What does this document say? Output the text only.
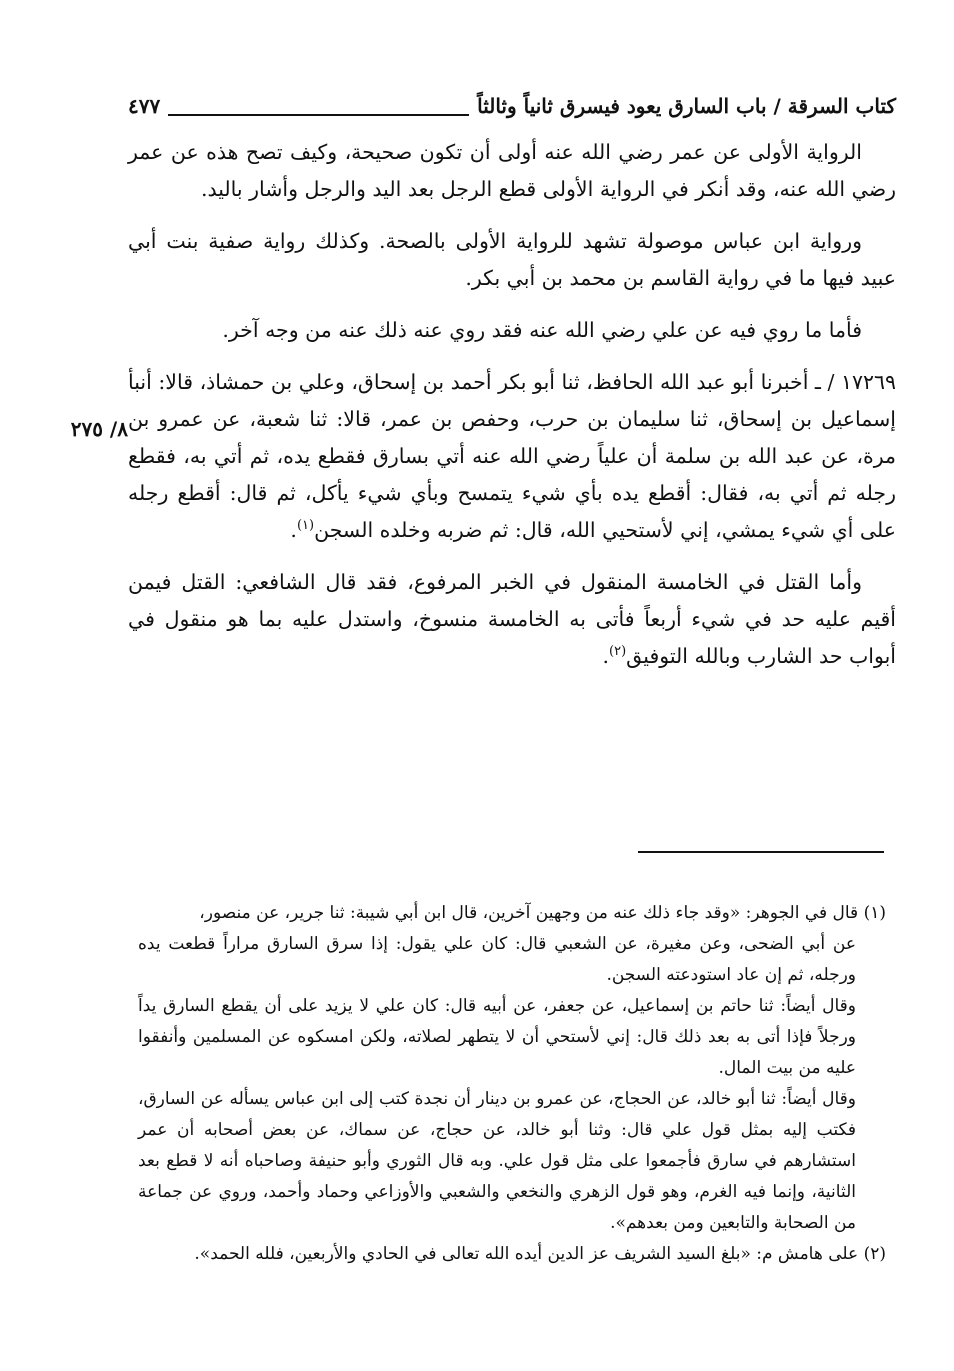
كتاب السرقة / باب السارق يعود فيسرق ثانياً وثالثاً
٤٧٧
٨/ ٢٧٥

الرواية الأولى عن عمر رضي الله عنه أولى أن تكون صحيحة، وكيف تصح هذه عن عمر رضي الله عنه، وقد أنكر في الرواية الأولى قطع الرجل بعد اليد والرجل وأشار باليد.

ورواية ابن عباس موصولة تشهد للرواية الأولى بالصحة. وكذلك رواية صفية بنت أبي عبيد فيها ما في رواية القاسم بن محمد بن أبي بكر.

فأما ما روي فيه عن علي رضي الله عنه فقد روي عنه ذلك عنه من وجه آخر.

١٧٢٦٩ / ـ أخبرنا أبو عبد الله الحافظ، ثنا أبو بكر أحمد بن إسحاق، وعلي بن حمشاذ، قالا: أنبأ إسماعيل بن إسحاق، ثنا سليمان بن حرب، وحفص بن عمر، قالا: ثنا شعبة، عن عمرو بن مرة، عن عبد الله بن سلمة أن علياً رضي الله عنه أتي بسارق فقطع يده، ثم أتي به، فقطع رجله ثم أتي به، فقال: أقطع يده بأي شيء يتمسح وبأي شيء يأكل، ثم قال: أقطع رجله على أي شيء يمشي، إني لأستحيي الله، قال: ثم ضربه وخلده السجن$^{(١)}$.

وأما القتل في الخامسة المنقول في الخبر المرفوع، فقد قال الشافعي: القتل فيمن أقيم عليه حد في شيء أربعاً فأتى به الخامسة منسوخ، واستدل عليه بما هو منقول في أبواب حد الشارب وبالله التوفيق$^{(٢)}$.

(١) قال في الجوهر: «وقد جاء ذلك عنه من وجهين آخرين، قال ابن أبي شيبة: ثنا جرير، عن منصور،

عن أبي الضحى، وعن مغيرة، عن الشعبي قال: كان علي يقول: إذا سرق السارق مراراً قطعت يده ورجله، ثم إن عاد استودعته السجن.

وقال أيضاً: ثنا حاتم بن إسماعيل، عن جعفر، عن أبيه قال: كان علي لا يزيد على أن يقطع السارق يداً ورجلاً فإذا أتى به بعد ذلك قال: إني لأستحي أن لا يتطهر لصلاته، ولكن امسكوه عن المسلمين وأنفقوا عليه من بيت المال.

وقال أيضاً: ثنا أبو خالد، عن الحجاج، عن عمرو بن دينار أن نجدة كتب إلى ابن عباس يسأله عن السارق، فكتب إليه بمثل قول علي قال: وثنا أبو خالد، عن حجاج، عن سماك، عن بعض أصحابه أن عمر استشارهم في سارق فأجمعوا على مثل قول علي. وبه قال الثوري وأبو حنيفة وصاحباه أنه لا قطع بعد الثانية، وإنما فيه الغرم، وهو قول الزهري والنخعي والشعبي والأوزاعي وحماد وأحمد، وروي عن جماعة من الصحابة والتابعين ومن بعدهم».

(٢) على هامش م: «بلغ السيد الشريف عز الدين أيده الله تعالى في الحادي والأربعين، فلله الحمد».
